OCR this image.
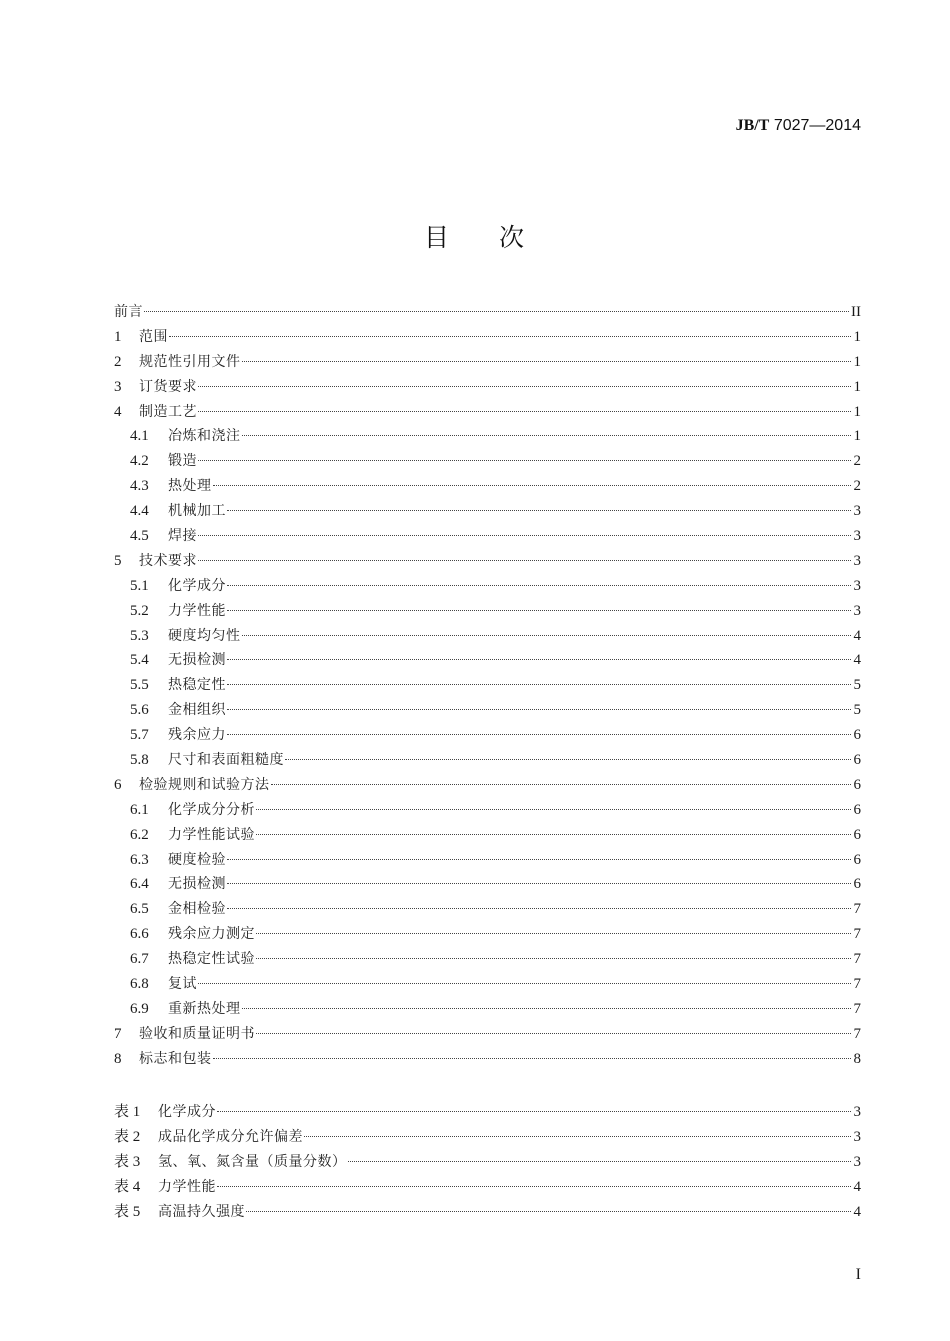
JB/T 7027—2014
目 次
前言	II
1	范围	1
2	规范性引用文件	1
3	订货要求	1
4	制造工艺	1
4.1	冶炼和浇注	1
4.2	锻造	2
4.3	热处理	2
4.4	机械加工	3
4.5	焊接	3
5	技术要求	3
5.1	化学成分	3
5.2	力学性能	3
5.3	硬度均匀性	4
5.4	无损检测	4
5.5	热稳定性	5
5.6	金相组织	5
5.7	残余应力	6
5.8	尺寸和表面粗糙度	6
6	检验规则和试验方法	6
6.1	化学成分分析	6
6.2	力学性能试验	6
6.3	硬度检验	6
6.4	无损检测	6
6.5	金相检验	7
6.6	残余应力测定	7
6.7	热稳定性试验	7
6.8	复试	7
6.9	重新热处理	7
7	验收和质量证明书	7
8	标志和包装	8
表 1	化学成分	3
表 2	成品化学成分允许偏差	3
表 3	氢、氧、氮含量（质量分数）	3
表 4	力学性能	4
表 5	高温持久强度	4
I
